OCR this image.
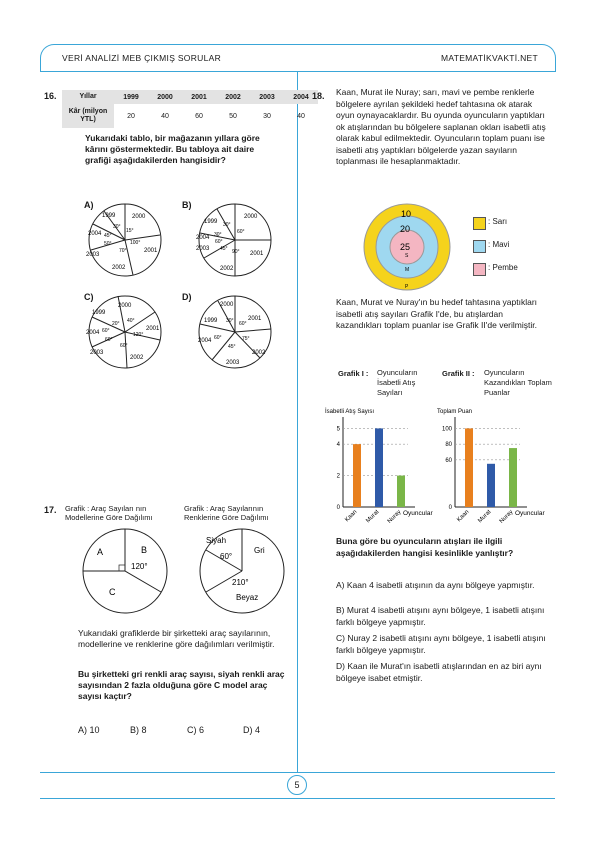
VERİ ANALİZİ MEB ÇIKMIŞ SORULAR	MATEMATİKVAKTİ.NET
5
16.	Yıllar	1999	2000	2001	2002	2003	2004
Kâr (milyon YTL)	20	40	60	50	30	40
Yukarıdaki tablo, bir mağazanın yıllara göre kârını göstermektedir. Bu tabloya ait daire grafiği aşağıdakilerden hangisidir?
A)
1999	2000
2001
2002
2003
2004
30°
15°
100°
70°
50°
45°
B)
1999
2000
2001
2002
2003
2004
30°
60°
45°
60°
90°
30°
C)
1999
2000
2001
2002
2003
2004
20° 40°
120°
60°
60°
60°
D)
1999
2000
2001
2002
2003
2004
30°
60°
60°
75°
45°
17. Grafik : Araç Sayıları nın Modellerine Göre Dağılımı
Grafik : Araç Sayılarının Renklerine Göre Dağılımı
A	B
C
120°
Siyah
Gri
Beyaz
60°
210°
Yukarıdaki grafiklerde bir şirketteki araç sayılarının, modellerine ve renklerine göre dağılımları verilmiştir.
Bu şirketteki gri renkli araç sayısı, siyah renkli araç sayısından 2 fazla olduğuna göre C model araç sayısı kaçtır?
A) 10	B) 8	C) 6	D) 4
18. Kaan, Murat ile Nuray; sarı, mavi ve pembe renklerle bölgelere ayrılan şekildeki hedef tahtasına ok atarak oyun oynayacaklardır. Bu oyunda oyuncuların yaptıkları ok atışlarından bu bölgelere saplanan okları isabetli atış olarak kabul edilmektedir. Oyuncuların toplam puanı ise isabetli atış yaptıkları bölgelerde yazan sayıların toplanması ile hesaplanmaktadır.
10
20
25
P
M
S
: Sarı
: Mavi
: Pembe
Kaan, Murat ve Nuray'ın bu hedef tahtasına yaptıkları isabetli atış sayıları Grafik I'de, bu atışlardan kazandıkları toplam puanlar ise Grafik II'de verilmiştir.
Grafik I : Oyuncuların İsabetli Atış Sayıları
Grafik II : Oyuncuların Kazandıkları Toplam Puanlar
İsabetli Atış Sayısı
0
2
4
5
Kaan Murat Nuray Oyuncular
Toplam Puan
0
60
80
100
Kaan Murat Nuray Oyuncular
Buna göre bu oyuncuların atışları ile ilgili aşağıdakilerden hangisi kesinlikle yanlıştır?
A) Kaan 4 isabetli atışının da aynı bölgeye yapmıştır.
B) Murat 4 isabetli atışını aynı bölgeye, 1 isabetli atışını farklı bölgeye yapmıştır.
C) Nuray 2 isabetli atışını aynı bölgeye, 1 isabetli atışını farklı bölgeye yapmıştır.
D) Kaan ile Murat'ın isabetli atışlarından en az biri aynı bölgeye isabet etmiştir.
